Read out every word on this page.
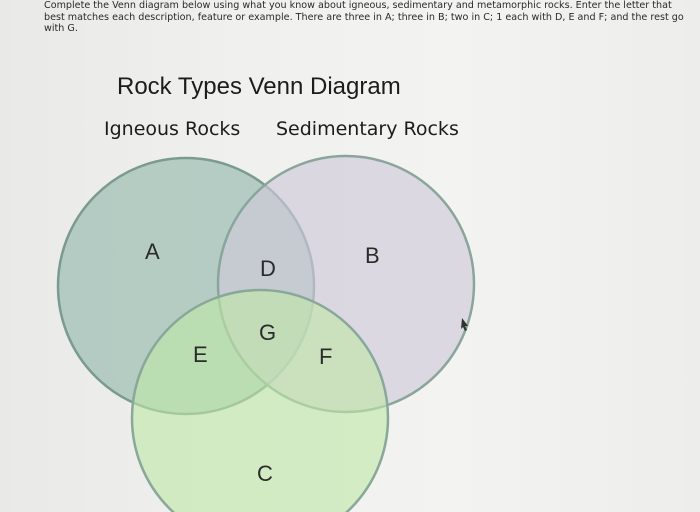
Complete the Venn diagram below using what you know about igneous, sedimentary and metamorphic rocks. Enter the letter that best matches each description, feature or example. There are three in A; three in B; two in C; 1 each with D, E and F; and the rest go with G.
Rock Types Venn Diagram
Igneous Rocks Sedimentary Rocks
A	B
C
D
E	F
G
